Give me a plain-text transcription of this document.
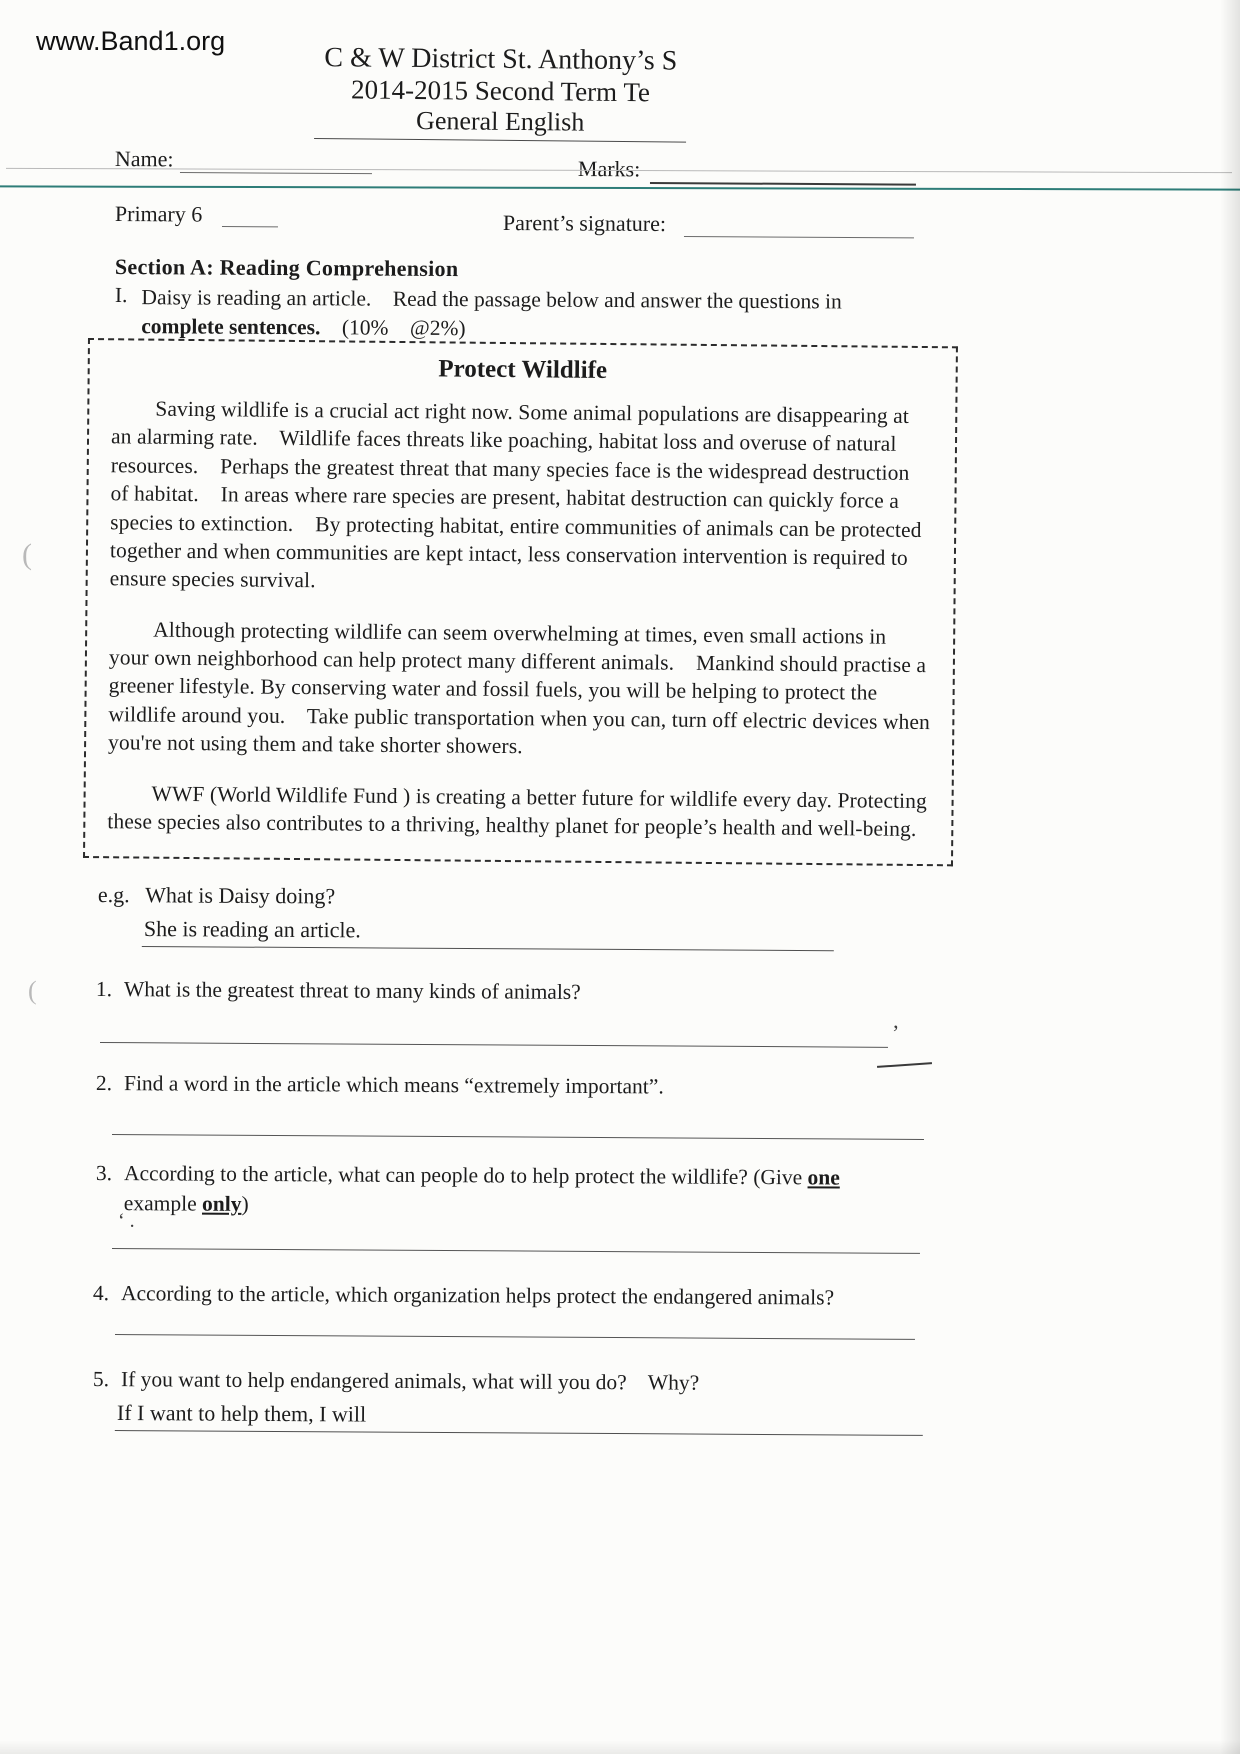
www.Band1.org
C & W District St. Anthony’s S
2014-2015 Second Term Te
General English
Name:	Marks:
Primary 6	Parent’s signature:
Section A: Reading Comprehension
I. Daisy is reading an article.    Read the passage below and answer the questions in
complete sentences.    (10%    @2%)
Protect Wildlife

Saving wildlife is a crucial act right now. Some animal populations are disappearing at an alarming rate.    Wildlife faces threats like poaching, habitat loss and overuse of natural resources.    Perhaps the greatest threat that many species face is the widespread destruction of habitat.    In areas where rare species are present, habitat destruction can quickly force a species to extinction.    By protecting habitat, entire communities of animals can be protected together and when communities are kept intact, less conservation intervention is required to ensure species survival.

Although protecting wildlife can seem overwhelming at times, even small actions in your own neighborhood can help protect many different animals.    Mankind should practise a greener lifestyle. By conserving water and fossil fuels, you will be helping to protect the wildlife around you.    Take public transportation when you can, turn off electric devices when you're not using them and take shorter showers.

WWF (World Wildlife Fund ) is creating a better future for wildlife every day. Protecting these species also contributes to a thriving, healthy planet for people’s health and well-being.

e.g. What is Daisy doing?
She is reading an article.
1. What is the greatest threat to many kinds of animals?
’
2. Find a word in the article which means “extremely important”.
3. According to the article, what can people do to help protect the wildlife? (Give one
example only)
‘ .
4. According to the article, which organization helps protect the endangered animals?
5. If you want to help endangered animals, what will you do?    Why?
If I want to help them, I will
(
(
